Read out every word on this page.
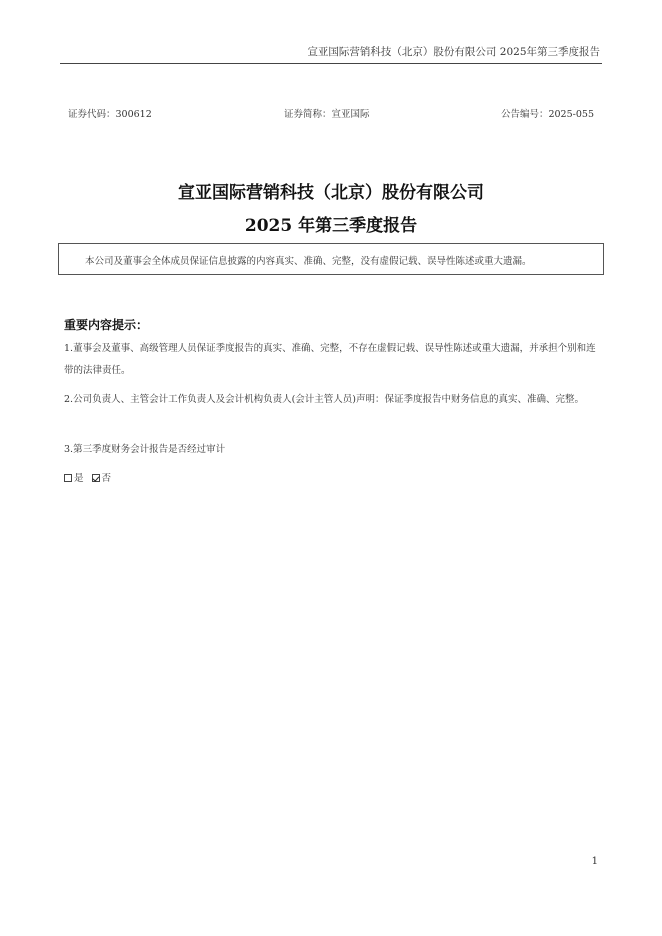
宣亚国际营销科技（北京）股份有限公司 2025年第三季度报告
证券代码：300612	证券简称：宣亚国际	公告编号：2025-055
宣亚国际营销科技（北京）股份有限公司
2025 年第三季度报告
本公司及董事会全体成员保证信息披露的内容真实、准确、完整，没有虚假记载、误导性陈述或重大遗漏。
重要内容提示：
1.董事会及董事、高级管理人员保证季度报告的真实、准确、完整，不存在虚假记载、误导性陈述或重大遗漏，并承担个别和连带的法律责任。
2.公司负责人、主管会计工作负责人及会计机构负责人(会计主管人员)声明：保证季度报告中财务信息的真实、准确、完整。
3.第三季度财务会计报告是否经过审计
是 否
1
